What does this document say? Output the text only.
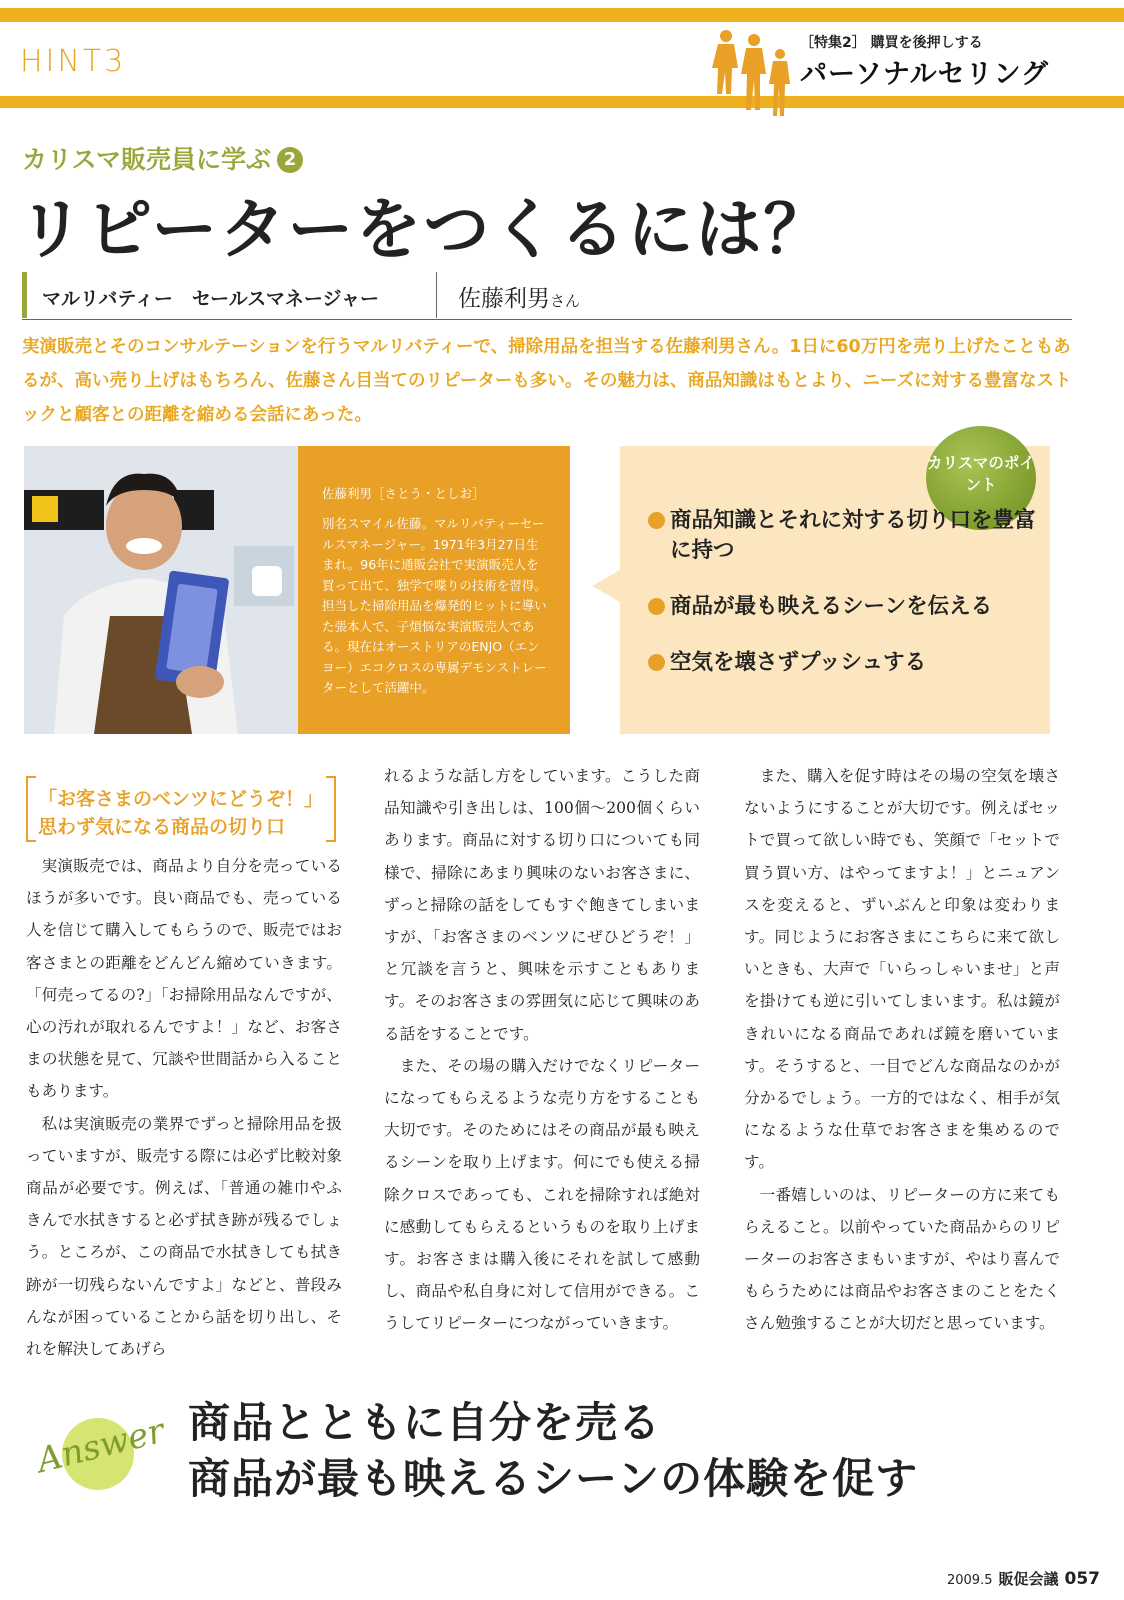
HINT3
［特集2］ 購買を後押しする
パーソナルセリング
カリスマ販売員に学ぶ 2
リピーターをつくるには？
マルリバティー　セールスマネージャー	佐藤利男さん
実演販売とそのコンサルテーションを行うマルリバティーで、掃除用品を担当する佐藤利男さん。1日に60万円を売り上げたこともあるが、高い売り上げはもちろん、佐藤さん目当てのリピーターも多い。その魅力は、商品知識はもとより、ニーズに対する豊富なストックと顧客との距離を縮める会話にあった。
佐藤利男［さとう・としお］
別名スマイル佐藤。マルリバティーセールスマネージャー。1971年3月27日生まれ。96年に通販会社で実演販売人を買って出て、独学で喋りの技術を習得。担当した掃除用品を爆発的ヒットに導いた張本人で、子煩悩な実演販売人である。現在はオーストリアのENJO（エンヨー）エコクロスの専属デモンストレーターとして活躍中。
カリスマのポイント
商品知識とそれに対する切り口を豊富に持つ
商品が最も映えるシーンを伝える
空気を壊さずプッシュする
「お客さまのベンツにどうぞ！」
思わず気になる商品の切り口

実演販売では、商品より自分を売っているほうが多いです。良い商品でも、売っている人を信じて購入してもらうので、販売ではお客さまとの距離をどんどん縮めていきます。「何売ってるの?」「お掃除用品なんですが、心の汚れが取れるんですよ！」など、お客さまの状態を見て、冗談や世間話から入ることもあります。

私は実演販売の業界でずっと掃除用品を扱っていますが、販売する際には必ず比較対象商品が必要です。例えば、「普通の雑巾やふきんで水拭きすると必ず拭き跡が残るでしょう。ところが、この商品で水拭きしても拭き跡が一切残らないんですよ」などと、普段みんなが困っていることから話を切り出し、それを解決してあげら

れるような話し方をしています。こうした商品知識や引き出しは、100個～200個くらいあります。商品に対する切り口についても同様で、掃除にあまり興味のないお客さまに、ずっと掃除の話をしてもすぐ飽きてしまいますが、「お客さまのベンツにぜひどうぞ！」と冗談を言うと、興味を示すこともあります。そのお客さまの雰囲気に応じて興味のある話をすることです。

また、その場の購入だけでなくリピーターになってもらえるような売り方をすることも大切です。そのためにはその商品が最も映えるシーンを取り上げます。何にでも使える掃除クロスであっても、これを掃除すれば絶対に感動してもらえるというものを取り上げます。お客さまは購入後にそれを試して感動し、商品や私自身に対して信用ができる。こうしてリピーターにつながっていきます。

また、購入を促す時はその場の空気を壊さないようにすることが大切です。例えばセットで買って欲しい時でも、笑顔で「セットで買う買い方、はやってますよ！」とニュアンスを変えると、ずいぶんと印象は変わります。同じようにお客さまにこちらに来て欲しいときも、大声で「いらっしゃいませ」と声を掛けても逆に引いてしまいます。私は鏡がきれいになる商品であれば鏡を磨いています。そうすると、一目でどんな商品なのかが分かるでしょう。一方的ではなく、相手が気になるような仕草でお客さまを集めるのです。

一番嬉しいのは、リピーターの方に来てもらえること。以前やっていた商品からのリピーターのお客さまもいますが、やはり喜んでもらうためには商品やお客さまのことをたくさん勉強することが大切だと思っています。

Answer 商品とともに自分を売る
商品が最も映えるシーンの体験を促す
2009.5 販促会議 057
